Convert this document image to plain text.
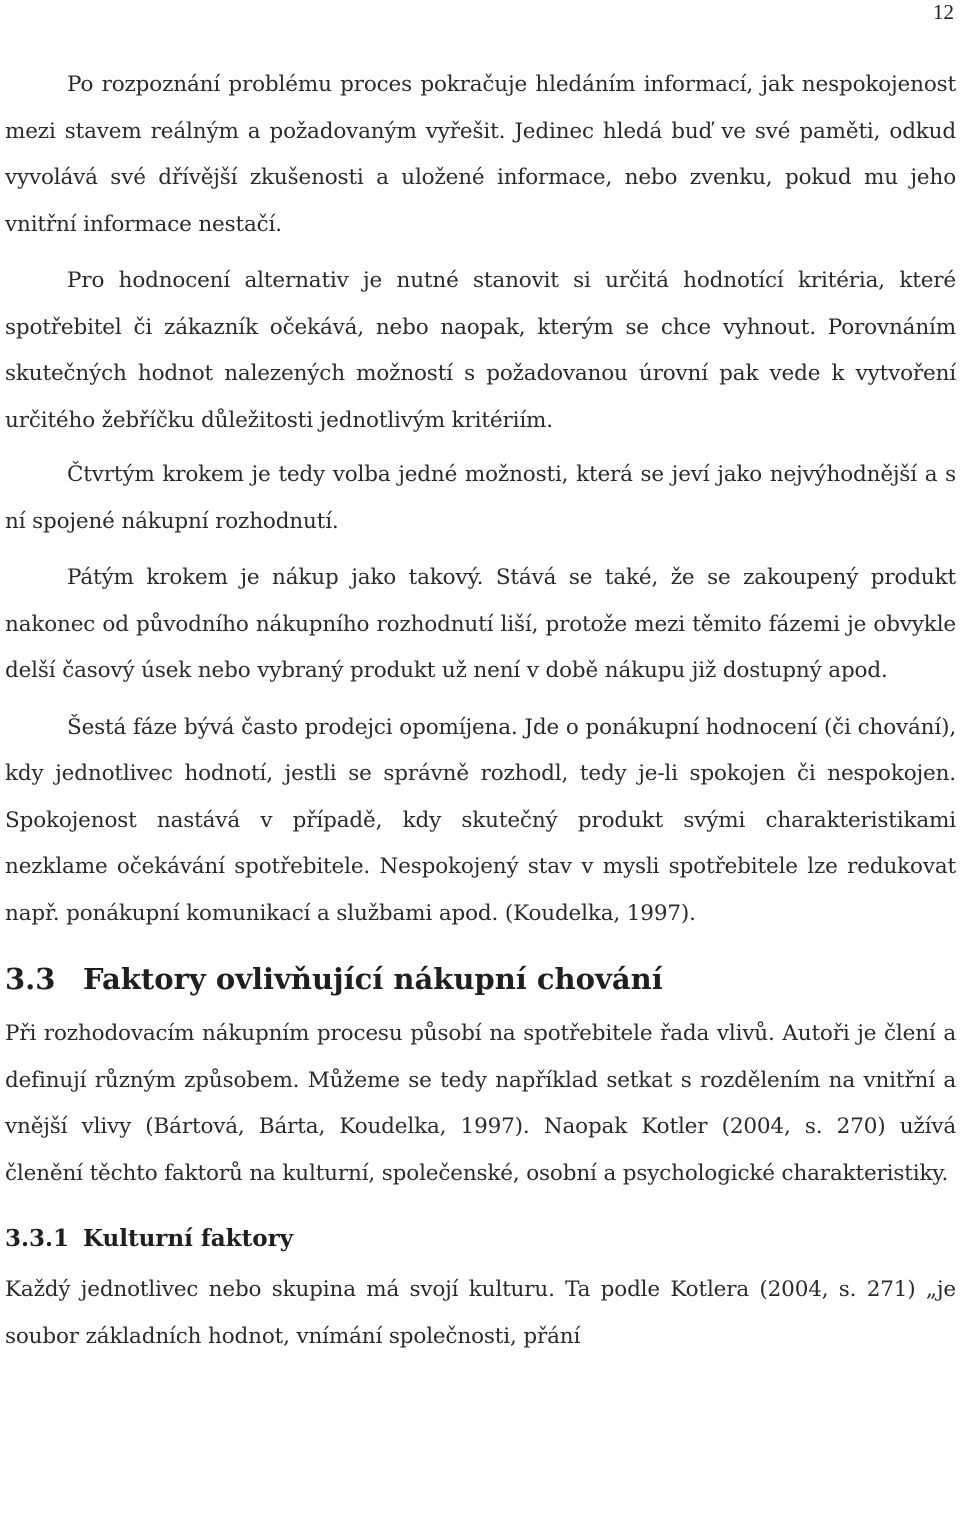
12

Po rozpoznání problému proces pokračuje hledáním informací, jak nespokojenost mezi stavem reálným a požadovaným vyřešit. Jedinec hledá buď ve své paměti, odkud vyvolává své dřívější zkušenosti a uložené informace, nebo zvenku, pokud mu jeho vnitřní informace nestačí.

Pro hodnocení alternativ je nutné stanovit si určitá hodnotící kritéria, které spotřebitel či zákazník očekává, nebo naopak, kterým se chce vyhnout. Porovnáním skutečných hodnot nalezených možností s požadovanou úrovní pak vede k vytvoření určitého žebříčku důležitosti jednotlivým kritériím.

Čtvrtým krokem je tedy volba jedné možnosti, která se jeví jako nejvýhodnější a s ní spojené nákupní rozhodnutí.

Pátým krokem je nákup jako takový. Stává se také, že se zakoupený produkt nakonec od původního nákupního rozhodnutí liší, protože mezi těmito fázemi je obvykle delší časový úsek nebo vybraný produkt už není v době nákupu již dostupný apod.

Šestá fáze bývá často prodejci opomíjena. Jde o ponákupní hodnocení (či chování), kdy jednotlivec hodnotí, jestli se správně rozhodl, tedy je-li spokojen či nespokojen. Spokojenost nastává v případě, kdy skutečný produkt svými charakteristikami nezklame očekávání spotřebitele. Nespokojený stav v mysli spotřebitele lze redukovat např. ponákupní komunikací a službami apod. (Koudelka, 1997).

3.3 Faktory ovlivňující nákupní chování

Při rozhodovacím nákupním procesu působí na spotřebitele řada vlivů. Autoři je člení a definují různým způsobem. Můžeme se tedy například setkat s rozdělením na vnitřní a vnější vlivy (Bártová, Bárta, Koudelka, 1997). Naopak Kotler (2004, s. 270) užívá členění těchto faktorů na kulturní, společenské, osobní a psychologické charakteristiky.

3.3.1 Kulturní faktory

Každý jednotlivec nebo skupina má svojí kulturu. Ta podle Kotlera (2004, s. 271) „je soubor základních hodnot, vnímání společnosti, přání
